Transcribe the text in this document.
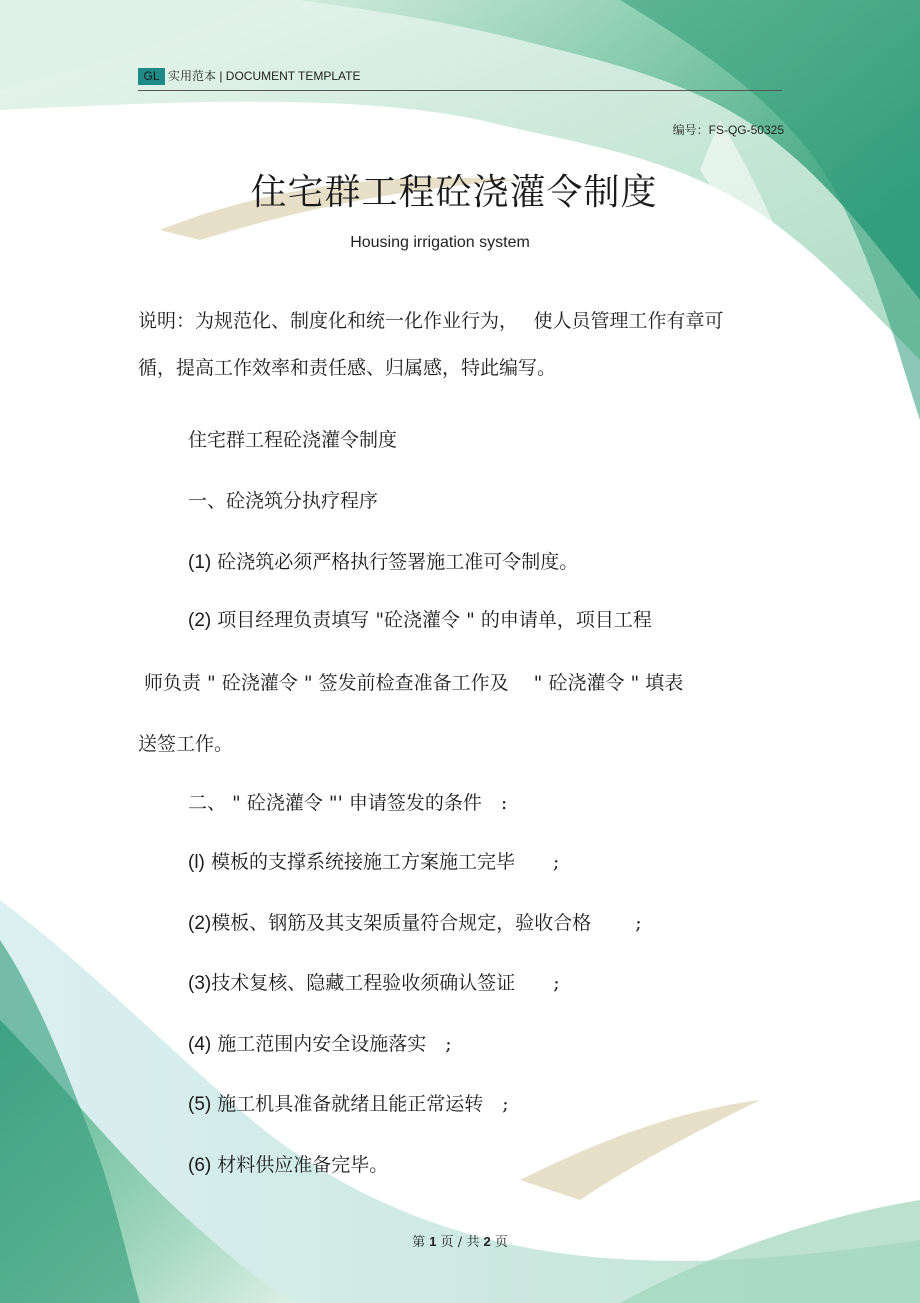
GL 实用范本 | DOCUMENT TEMPLATE
编号：FS-QG-50325
住宅群工程砼浇灌令制度
Housing irrigation system
说明：为规范化、制度化和统一化作业行为，　 使人员管理工作有章可
循，提高工作效率和责任感、归属感，特此编写。
住宅群工程砼浇灌令制度
一、砼浇筑分执疗程序
(1) 砼浇筑必须严格执行签署施工准可令制度。
(2) 项目经理负责填写 "砼浇灌令 " 的申请单，项目工程
师负责 " 砼浇灌令 " 签发前检查准备工作及　 " 砼浇灌令 " 填表
送签工作。
二、 " 砼浇灌令 "' 申请签发的条件　:
(l) 模板的支撑系统接施工方案施工完毕　　;
(2)模板、钢筋及其支架质量符合规定，验收合格　　 ;
(3)技术复核、隐藏工程验收须确认签证　　;
(4) 施工范围内安全设施落实　;
(5) 施工机具准备就绪且能正常运转　;
(6) 材料供应准备完毕。
第 1 页 / 共 2 页
